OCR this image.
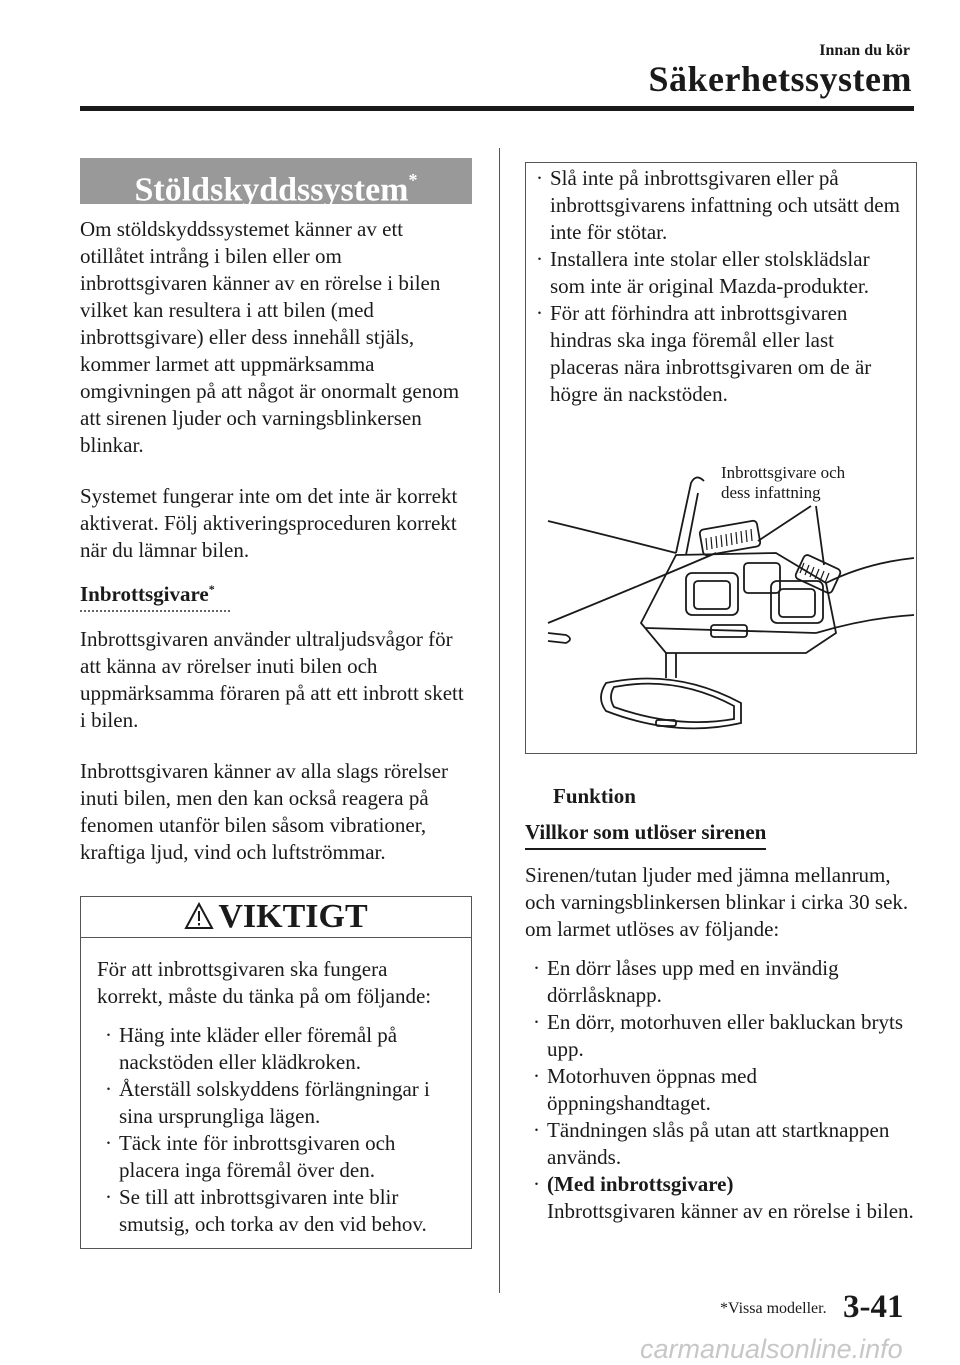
Innan du kör
Säkerhetssystem
Stöldskyddssystem*

Om stöldskyddssystemet känner av ett otillåtet intrång i bilen eller om inbrottsgivaren känner av en rörelse i bilen vilket kan resultera i att bilen (med inbrottsgivare) eller dess innehåll stjäls, kommer larmet att uppmärksamma omgivningen på att något är onormalt genom att sirenen ljuder och varningsblinkersen blinkar.

Systemet fungerar inte om det inte är korrekt aktiverat. Följ aktiveringsproceduren korrekt när du lämnar bilen.

Inbrottsgivare*

Inbrottsgivaren använder ultraljudsvågor för att känna av rörelser inuti bilen och uppmärksamma föraren på att ett inbrott skett i bilen.

Inbrottsgivaren känner av alla slags rörelser inuti bilen, men den kan också reagera på fenomen utanför bilen såsom vibrationer, kraftiga ljud, vind och luftströmmar.

VIKTIGT

För att inbrottsgivaren ska fungera korrekt, måste du tänka på om följande:

· Häng inte kläder eller föremål på nackstöden eller klädkroken.
· Återställ solskyddens förlängningar i sina ursprungliga lägen.
· Täck inte för inbrottsgivaren och placera inga föremål över den.
· Se till att inbrottsgivaren inte blir smutsig, och torka av den vid behov.
· Slå inte på inbrottsgivaren eller på inbrottsgivarens infattning och utsätt dem inte för stötar.
· Installera inte stolar eller stolsklädslar som inte är original Mazda-produkter.
· För att förhindra att inbrottsgivaren hindras ska inga föremål eller last placeras nära inbrottsgivaren om de är högre än nackstöden.
Inbrottsgivare och
dess infattning
Funktion
Villkor som utlöser sirenen

Sirenen/tutan ljuder med jämna mellanrum, och varningsblinkersen blinkar i cirka 30 sek. om larmet utlöses av följande:

· En dörr låses upp med en invändig dörrlåsknapp.
· En dörr, motorhuven eller bakluckan bryts upp.
· Motorhuven öppnas med öppningshandtaget.
· Tändningen slås på utan att startknappen används.
· (Med inbrottsgivare)
Inbrottsgivaren känner av en rörelse i bilen.
*Vissa modeller. 3-41
carmanualsonline.info
